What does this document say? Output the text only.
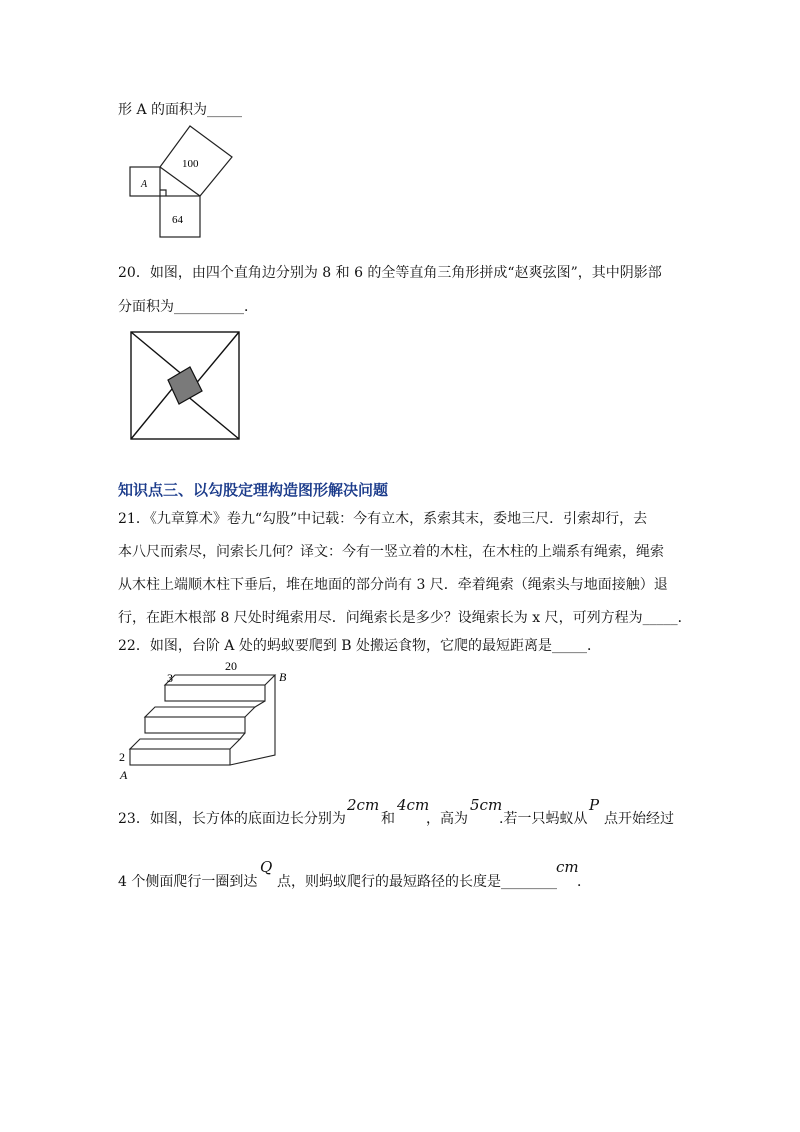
形 A 的面积为_____
A
100
64
20．如图，由四个直角边分别为 8 和 6 的全等直角三角形拼成“赵爽弦图”，其中阴影部
分面积为__________．
知识点三、以勾股定理构造图形解决问题
21．《九章算术》卷九“勾股”中记载：今有立木，系索其末，委地三尺．引索却行，去
本八尺而索尽，问索长几何？译文：今有一竖立着的木柱，在木柱的上端系有绳索，绳索
从木柱上端顺木柱下垂后，堆在地面的部分尚有 3 尺．牵着绳索（绳索头与地面接触）退
行，在距木根部 8 尺处时绳索用尽．问绳索长是多少？设绳索长为 x 尺，可列方程为_____．
22．如图，台阶 A 处的蚂蚁要爬到 B 处搬运食物，它爬的最短距离是_____．
20
3	B
2
A
23．如图，长方体的底面边长分别为
2cm
和
4cm
，高为
5cm
.若一只蚂蚁从
P
点开始经过
4 个侧面爬行一圈到达
Q
点，则蚂蚁爬行的最短路径的长度是________
cm
．
